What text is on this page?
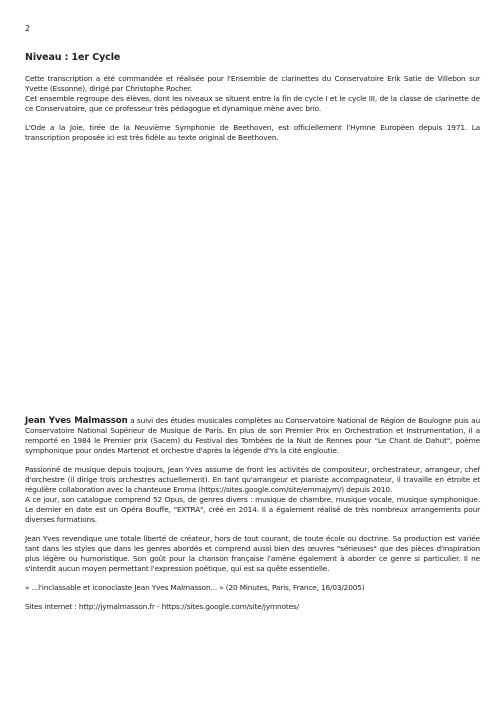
2
Niveau : 1er Cycle

Cette transcription a été commandée et réalisée pour l'Ensemble de clarinettes du Conservatoire Erik Satie de Villebon sur Yvette (Essonne), dirigé par Christophe Rocher.

Cet ensemble regroupe des élèves, dont les niveaux se situent entre la fin de cycle I et le cycle III, de la classe de clarinette de ce Conservatoire, que ce professeur très pédagogue et dynamique mène avec brio.

L'Ode a la Joie, tirée de la Neuvième Symphonie de Beethoven, est officiellement l'Hymne Européen depuis 1971. La transcription proposée ici est très fidèle au texte original de Beethoven.

Jean Yves Malmasson a suivi des études musicales complètes au Conservatoire National de Région de Boulogne puis au Conservatoire National Supérieur de Musique de Paris. En plus de son Premier Prix en Orchestration et Instrumentation, il a remporté en 1984 le Premier prix (Sacem) du Festival des Tombées de la Nuit de Rennes pour "Le Chant de Dahut", poème symphonique pour ondes Martenot et orchestre d'après la légende d'Ys la cité engloutie.

Passionné de musique depuis toujours, Jean Yves assume de front les activités de compositeur, orchestrateur, arrangeur, chef d'orchestre (il dirige trois orchestres actuellement). En tant qu'arrangeur et pianiste accompagnateur, il travaille en étroite et régulière collaboration avec la chanteuse Emma (https://sites.google.com/site/emmajym/) depuis 2010.

A ce jour, son catalogue comprend 52 Opus, de genres divers : musique de chambre, musique vocale, musique symphonique. Le dernier en date est un Opéra Bouffe, "EXTRA", créé en 2014. Il a également réalisé de très nombreux arrangements pour diverses formations.

Jean Yves revendique une totale liberté de créateur, hors de tout courant, de toute école ou doctrine. Sa production est variée tant dans les styles que dans les genres abordés et comprend aussi bien des œuvres "sérieuses" que des pièces d'inspiration plus légère ou humoristique. Son goût pour la chanson française l'amène également à aborder ce genre si particulier. Il ne s'interdit aucun moyen permettant l'expression poétique, qui est sa quête essentielle.

« ...l'inclassable et iconoclaste Jean Yves Malmasson... » (20 Minutes, Paris, France, 16/03/2005)

Sites internet : http://jymalmasson.fr - https://sites.google.com/site/jymnotes/
